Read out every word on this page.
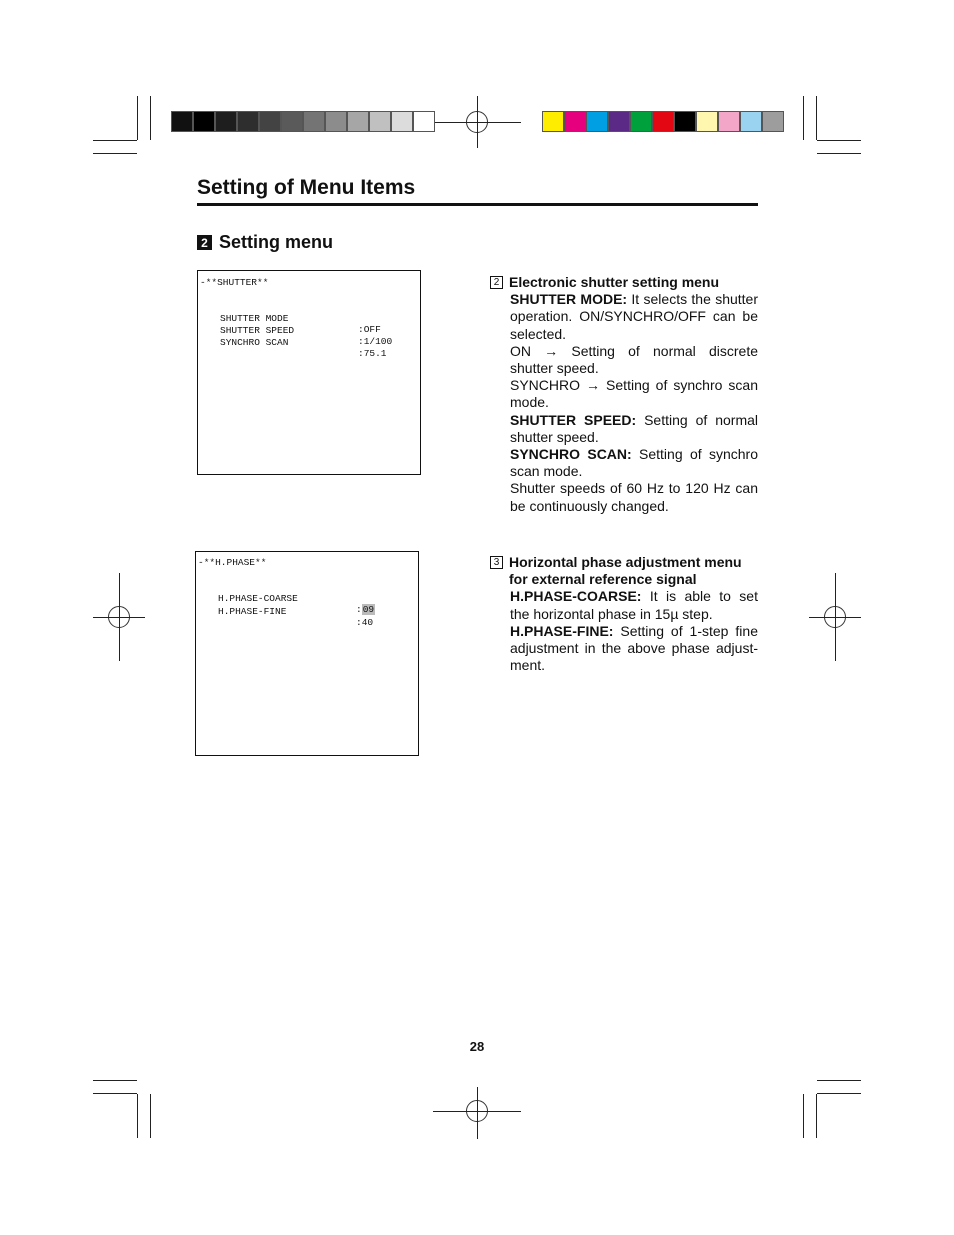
Setting of Menu Items
2 Setting menu
-**SHUTTER**

SHUTTER MODE

:OFF

SHUTTER SPEED

:1/100

SYNCHRO SCAN

:75.1

-**H.PHASE**

H.PHASE-COARSE

:09

H.PHASE-FINE

:40

2 Electronic shutter setting menu
SHUTTER MODE: It selects the shutter operation. ON/SYNCHRO/OFF can be selected.
ON → Setting of normal discrete shutter speed.
SYNCHRO → Setting of synchro scan mode.
SHUTTER SPEED: Setting of normal shutter speed.
SYNCHRO SCAN: Setting of synchro scan mode.
Shutter speeds of 60 Hz to 120 Hz can be continuously changed.
3 Horizontal phase adjustment menu for external reference signal
H.PHASE-COARSE: It is able to set the horizontal phase in 15µ step.
H.PHASE-FINE: Setting of 1-step fine adjustment in the above phase adjust-ment.
28
